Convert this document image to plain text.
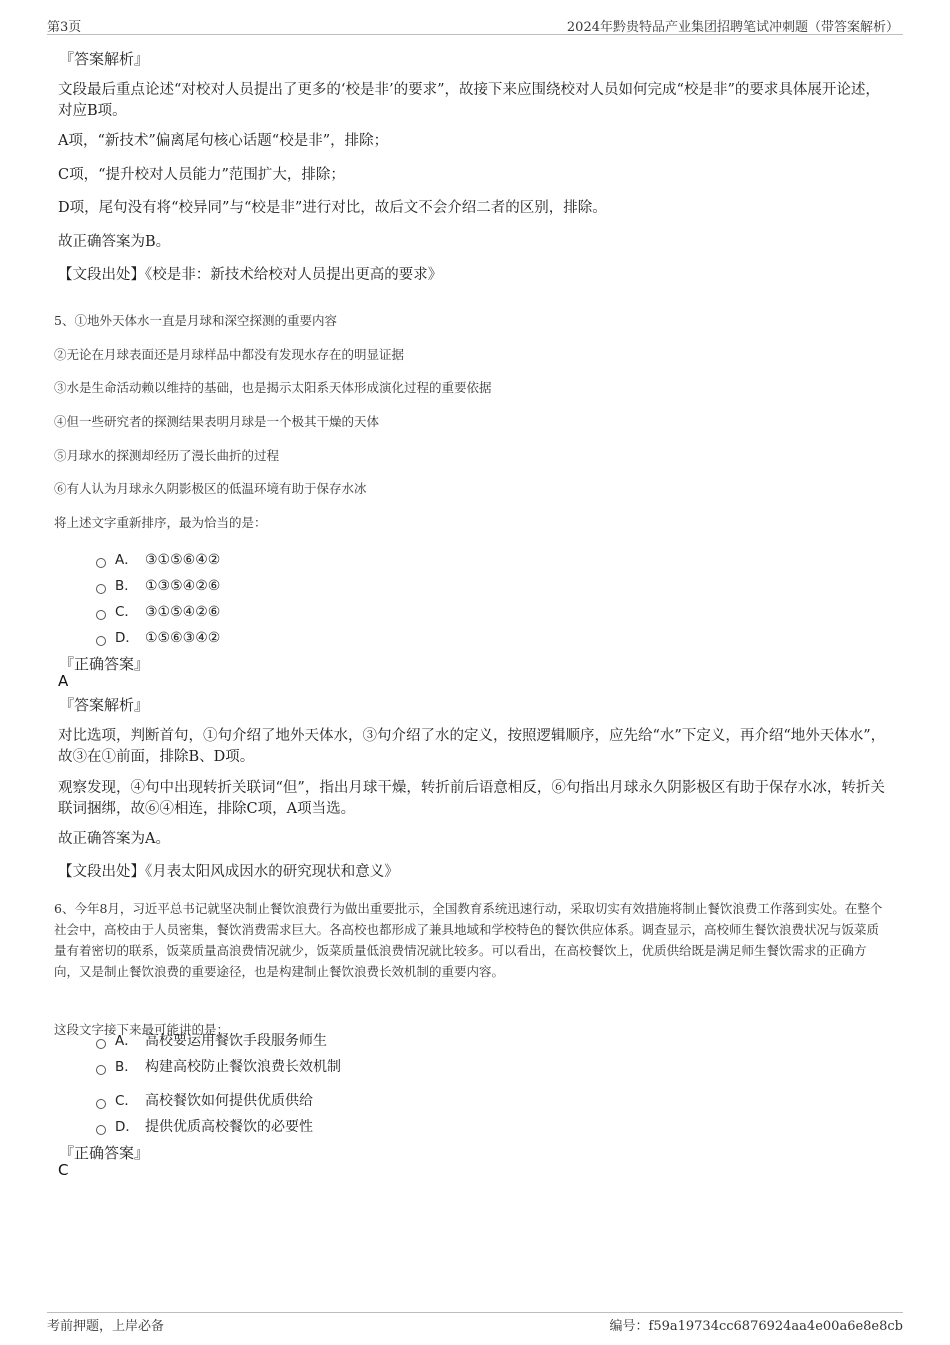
第3页	2024年黔贵特品产业集团招聘笔试冲刺题（带答案解析）
『答案解析』

文段最后重点论述“对校对人员提出了更多的‘校是非’的要求”，故接下来应围绕校对人员如何完成“校是非”的要求具体展开论述，对应B项。

A项，“新技术”偏离尾句核心话题“校是非”，排除；

C项，“提升校对人员能力”范围扩大，排除；

D项，尾句没有将“校异同”与“校是非”进行对比，故后文不会介绍二者的区别，排除。

故正确答案为B。

【文段出处】《校是非：新技术给校对人员提出更高的要求》

5、①地外天体水一直是月球和深空探测的重要内容
②无论在月球表面还是月球样品中都没有发现水存在的明显证据
③水是生命活动赖以维持的基础，也是揭示太阳系天体形成演化过程的重要依据
④但一些研究者的探测结果表明月球是一个极其干燥的天体
⑤月球水的探测却经历了漫长曲折的过程
⑥有人认为月球永久阴影极区的低温环境有助于保存水冰
将上述文字重新排序，最为恰当的是：
A． ③①⑤⑥④②
B． ①③⑤④②⑥
C． ③①⑤④②⑥
D． ①⑤⑥③④②
『正确答案』
A
『答案解析』

对比选项，判断首句，①句介绍了地外天体水，③句介绍了水的定义，按照逻辑顺序，应先给“水”下定义，再介绍“地外天体水”，故③在①前面，排除B、D项。

观察发现，④句中出现转折关联词“但”，指出月球干燥，转折前后语意相反，⑥句指出月球永久阴影极区有助于保存水冰，转折关联词捆绑，故⑥④相连，排除C项，A项当选。

故正确答案为A。

【文段出处】《月表太阳风成因水的研究现状和意义》

6、今年8月，习近平总书记就坚决制止餐饮浪费行为做出重要批示，全国教育系统迅速行动，采取切实有效措施将制止餐饮浪费工作落到实处。在整个社会中，高校由于人员密集，餐饮消费需求巨大。各高校也都形成了兼具地域和学校特色的餐饮供应体系。调查显示，高校师生餐饮浪费状况与饭菜质量有着密切的联系，饭菜质量高浪费情况就少，饭菜质量低浪费情况就比较多。可以看出，在高校餐饮上，优质供给既是满足师生餐饮需求的正确方向，又是制止餐饮浪费的重要途径，也是构建制止餐饮浪费长效机制的重要内容。

这段文字接下来最可能讲的是：
A． 高校要运用餐饮手段服务师生
B． 构建高校防止餐饮浪费长效机制
C． 高校餐饮如何提供优质供给
D． 提供优质高校餐饮的必要性
『正确答案』
C
考前押题，上岸必备	编号：f59a19734cc6876924aa4e00a6e8e8cb
